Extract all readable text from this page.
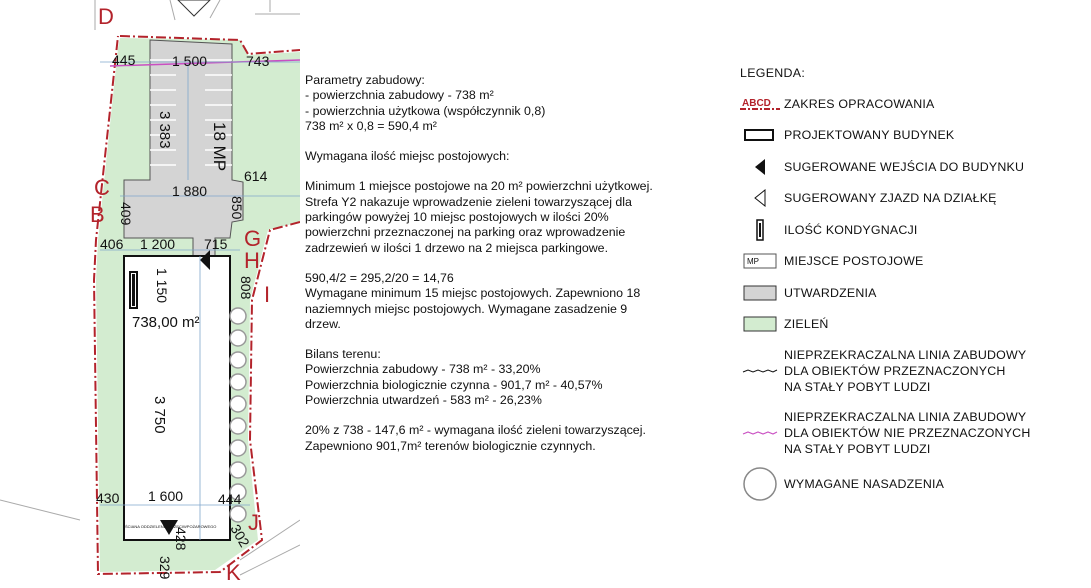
D
C
B
G
H
I
J
K
445	1 500	743
614
1 880
406 1 200 715
738,00 m²
430 1 600 444
3 383 18 MP
850
409
1 150	808
3 750
428	302
329
ŚCIANA ODDZIELENIA PRZECIWPOŻAROWEGO

Parametry zabudowy:

- powierzchnia zabudowy - 738 m²

- powierzchnia użytkowa (współczynnik 0,8)

738 m² x 0,8 = 590,4 m²

Wymagana ilość miejsc postojowych:

Minimum 1 miejsce postojowe na 20 m² powierzchni użytkowej.

Strefa Y2 nakazuje wprowadzenie zieleni towarzyszącej dla

parkingów powyżej 10 miejsc postojowych w ilości 20%

powierzchni przeznaczonej na parking oraz wprowadzenie

zadrzewień w ilości 1 drzewo na 2 miejsca parkingowe.

590,4/2 = 295,2/20 = 14,76

Wymagane minimum 15 miejsc postojowych. Zapewniono 18

naziemnych miejsc postojowych. Wymagane zasadzenie 9

drzew.

Bilans terenu:

Powierzchnia zabudowy - 738 m² - 33,20%

Powierzchnia biologicznie czynna - 901,7 m² - 40,57%

Powierzchnia utwardzeń - 583 m² - 26,23%

20% z 738 - 147,6 m² - wymagana ilość zieleni towarzyszącej.

Zapewniono 901,7m² terenów biologicznie czynnych.

LEGENDA:

ABCD ZAKRES OPRACOWANIA
PROJEKTOWANY BUDYNEK
SUGEROWANE WEJŚCIA DO BUDYNKU
SUGEROWANY ZJAZD NA DZIAŁKĘ
ILOŚĆ KONDYGNACJI
MP MIEJSCE POSTOJOWE
UTWARDZENIA
ZIELEŃ
NIEPRZEKRACZALNA LINIA ZABUDOWY
DLA OBIEKTÓW PRZEZNACZONYCH
NA STAŁY POBYT LUDZI
NIEPRZEKRACZALNA LINIA ZABUDOWY
DLA OBIEKTÓW NIE PRZEZNACZONYCH
NA STAŁY POBYT LUDZI
WYMAGANE NASADZENIA
